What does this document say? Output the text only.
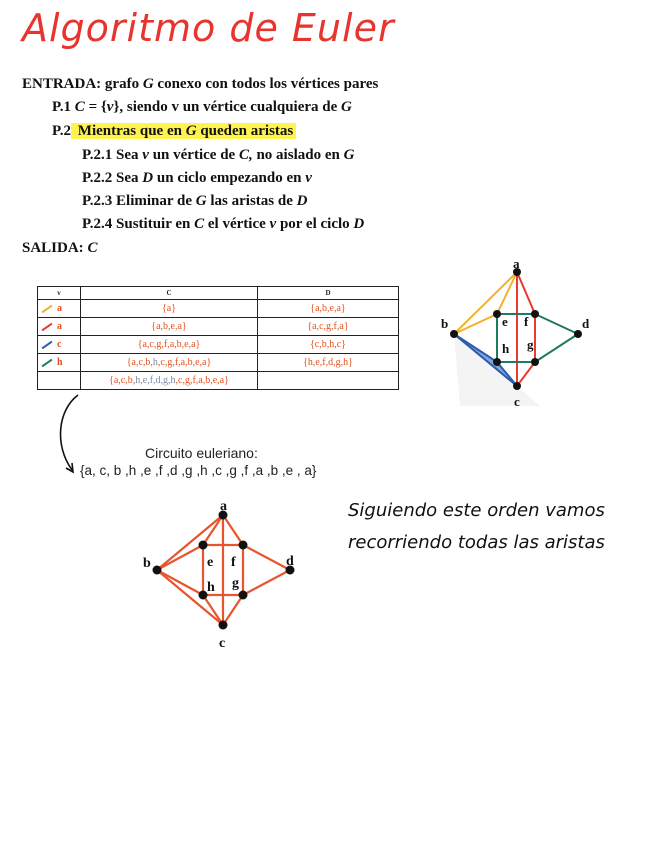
Algoritmo de Euler
ENTRADA: grafo G conexo con todos los vértices pares
P.1 C = {v}, siendo v un vértice cualquiera de G
P.2 Mientras que en G queden aristas
P.2.1 Sea v un vértice de C, no aislado en G
P.2.2 Sea D un ciclo empezando en v
P.2.3 Eliminar de G las aristas de D
P.2.4 Sustituir en C el vértice v por el ciclo D
SALIDA: C
v	C	D
a	{a}	{a,b,e,a}
a	{a,b,e,a}	{a,c,g,f,a}
c	{a,c,g,f,a,b,e,a}	{c,b,h,c}
h	{a,c,b,h,c,g,f,a,b,e,a}	{h,e,f,d,g,h}
	{a,c,b,h,e,f,d,g,h,c,g,f,a,b,e,a}	
a
b
c
d
e f
g
h
Circuito euleriano:
{a, c, b ,h ,e ,f ,d ,g ,h ,c ,g ,f ,a ,b ,e , a}
a
b
c
d
e f
g
h
Siguiendo este orden vamos
recorriendo todas las aristas
